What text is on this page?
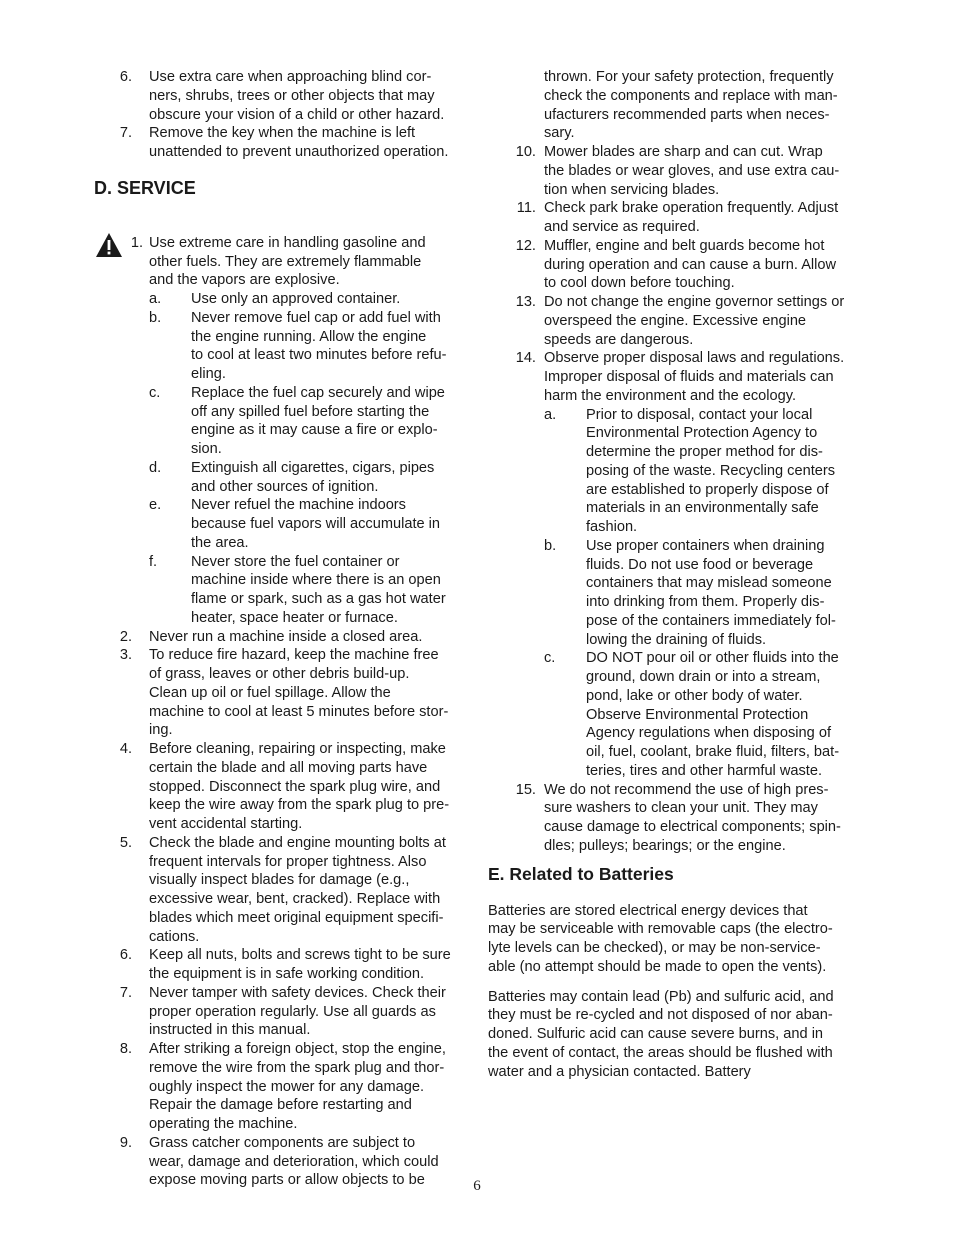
6. Use extra care when approaching blind cor-
ners, shrubs, trees or other objects that may
obscure your vision of a child or other hazard.
7. Remove the key when the machine is left
unattended to prevent unauthorized operation.
1. Use extreme care in handling gasoline and
other fuels. They are extremely flammable
and the vapors are explosive.
a.	Use only an approved container.
b.	Never remove fuel cap or add fuel with
the engine running. Allow the engine
to cool at least two minutes before refu-
eling.
c.	Replace the fuel cap securely and wipe
off any spilled fuel before starting the
engine as it may cause a fire or explo-
sion.
d.	Extinguish all cigarettes, cigars, pipes
and other sources of ignition.
e.	Never refuel the machine indoors
because fuel vapors will accumulate in
the area.
f.	Never store the fuel container or
machine inside where there is an open
flame or spark, such as a gas hot water
heater, space heater or furnace.
2. Never run a machine inside a closed area.
3. To reduce fire hazard, keep the machine free
of grass, leaves or other debris build-up.
Clean up oil or fuel spillage. Allow the
machine to cool at least 5 minutes before stor-
ing.
4. Before cleaning, repairing or inspecting, make
certain the blade and all moving parts have
stopped. Disconnect the spark plug wire, and
keep the wire away from the spark plug to pre-
vent accidental starting.
5. Check the blade and engine mounting bolts at
frequent intervals for proper tightness. Also
visually inspect blades for damage (e.g.,
excessive wear, bent, cracked). Replace with
blades which meet original equipment specifi-
cations.
6. Keep all nuts, bolts and screws tight to be sure
the equipment is in safe working condition.
7. Never tamper with safety devices. Check their
proper operation regularly. Use all guards as
instructed in this manual.
8. After striking a foreign object, stop the engine,
remove the wire from the spark plug and thor-
oughly inspect the mower for any damage.
Repair the damage before restarting and
operating the machine.
9. Grass catcher components are subject to
wear, damage and deterioration, which could
expose moving parts or allow objects to be
D. SERVICE
thrown. For your safety protection, frequently
check the components and replace with man-
ufacturers recommended parts when neces-
sary.
10. Mower blades are sharp and can cut. Wrap
the blades or wear gloves, and use extra cau-
tion when servicing blades.
11. Check park brake operation frequently. Adjust
and service as required.
12. Muffler, engine and belt guards become hot
during operation and can cause a burn. Allow
to cool down before touching.
13. Do not change the engine governor settings or
overspeed the engine. Excessive engine
speeds are dangerous.
14. Observe proper disposal laws and regulations.
Improper disposal of fluids and materials can
harm the environment and the ecology.
a.	Prior to disposal, contact your local
Environmental Protection Agency to
determine the proper method for dis-
posing of the waste. Recycling centers
are established to properly dispose of
materials in an environmentally safe
fashion.
b.	Use proper containers when draining
fluids. Do not use food or beverage
containers that may mislead someone
into drinking from them. Properly dis-
pose of the containers immediately fol-
lowing the draining of fluids.
c.	DO NOT pour oil or other fluids into the
ground, down drain or into a stream,
pond, lake or other body of water.
Observe Environmental Protection
Agency regulations when disposing of
oil, fuel, coolant, brake fluid, filters, bat-
teries, tires and other harmful waste.
15. We do not recommend the use of high pres-
sure washers to clean your unit. They may
cause damage to electrical components; spin-
dles; pulleys; bearings; or the engine.

Batteries are stored electrical energy devices that
may be serviceable with removable caps (the electro-
lyte levels can be checked), or may be non-service-
able (no attempt should be made to open the vents).

Batteries may contain lead (Pb) and sulfuric acid, and
they must be re-cycled and not disposed of nor aban-
doned. Sulfuric acid can cause severe burns, and in
the event of contact, the areas should be flushed with
water and a physician contacted. Battery

E. Related to Batteries
6
